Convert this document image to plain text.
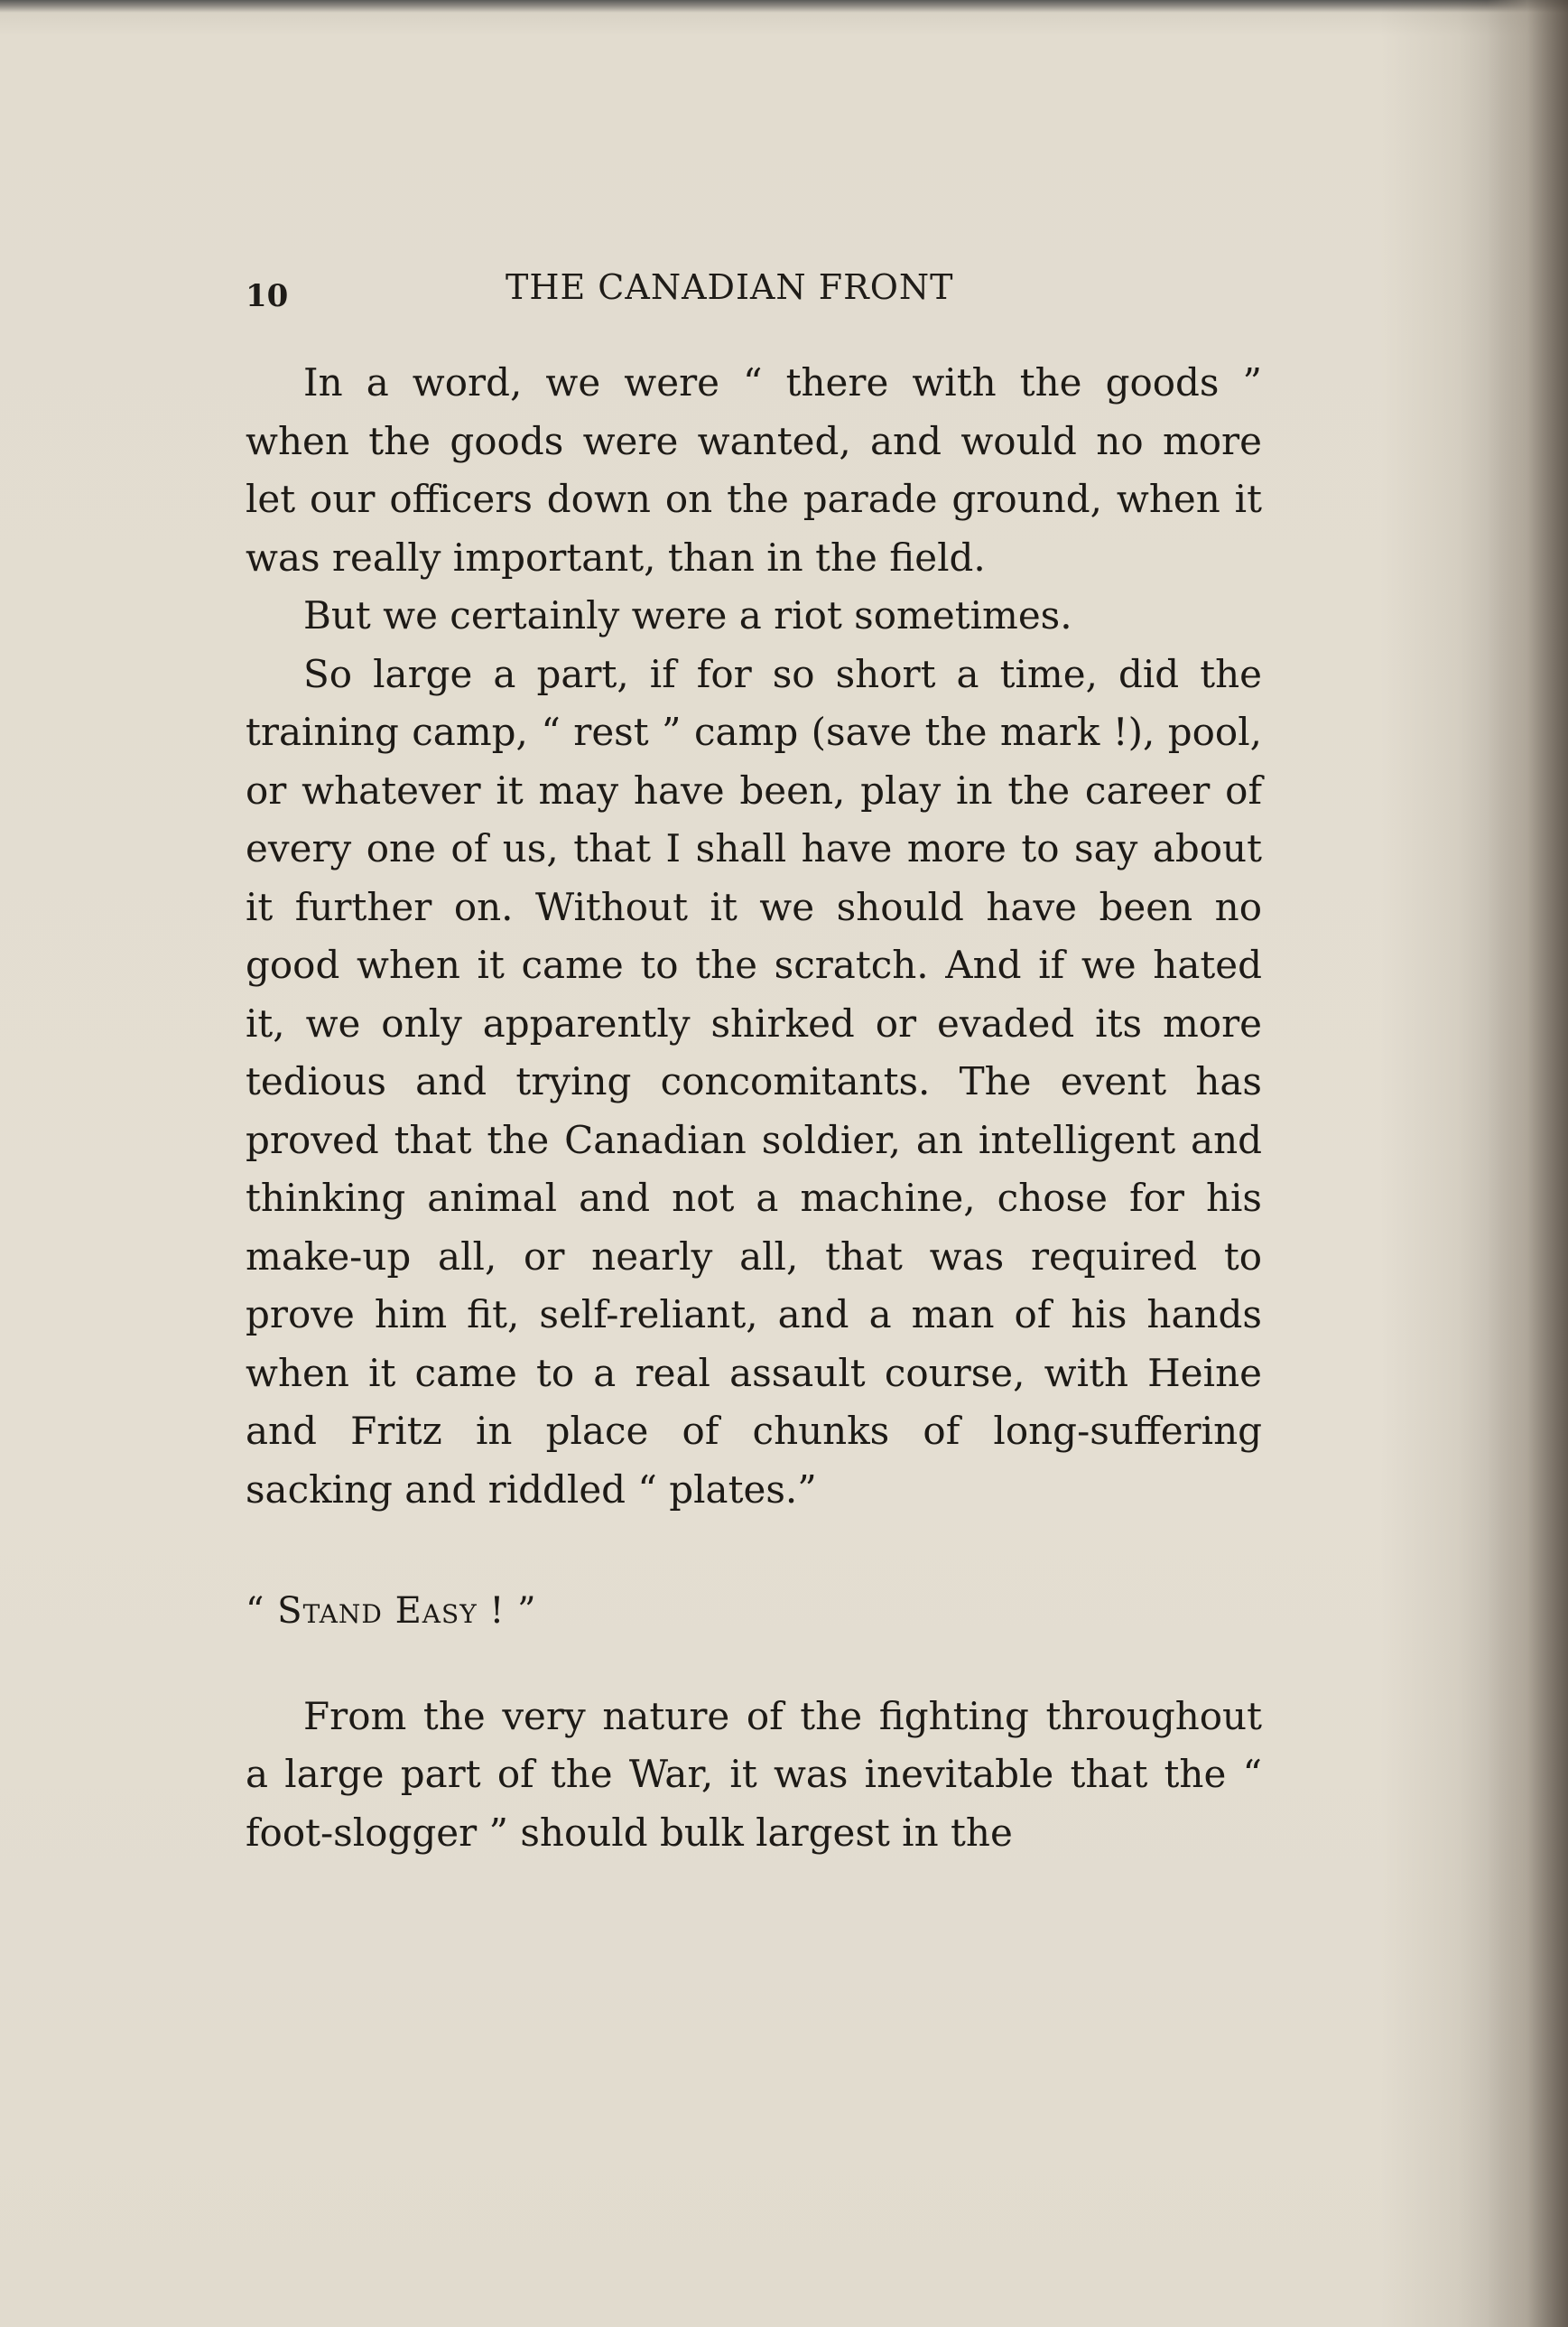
10	THE CANADIAN FRONT

In a word, we were “ there with the goods ” when the goods were wanted, and would no more let our officers down on the parade ground, when it was really important, than in the field.

But we certainly were a riot sometimes.

So large a part, if for so short a time, did the training camp, “ rest ” camp (save the mark !), pool, or whatever it may have been, play in the career of every one of us, that I shall have more to say about it further on. Without it we should have been no good when it came to the scratch. And if we hated it, we only apparently shirked or evaded its more tedious and trying concomitants. The event has proved that the Canadian soldier, an intelligent and thinking animal and not a machine, chose for his make-up all, or nearly all, that was required to prove him fit, self-reliant, and a man of his hands when it came to a real assault course, with Heine and Fritz in place of chunks of long-suffering sacking and riddled “ plates.”

“ Stand Easy ! ”

From the very nature of the fighting throughout a large part of the War, it was inevitable that the “ foot-slogger ” should bulk largest in the
